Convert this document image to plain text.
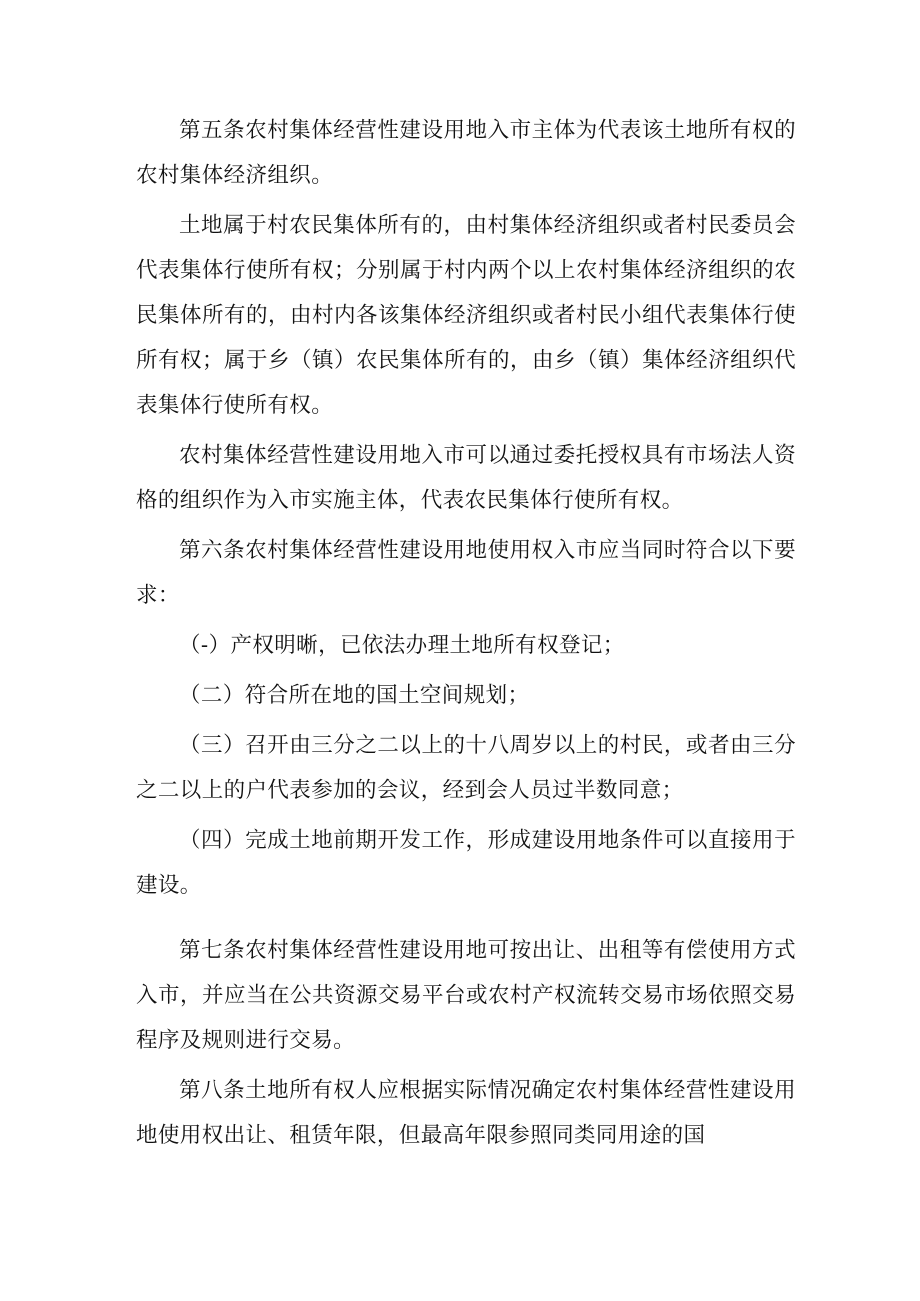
第五条农村集体经营性建设用地入市主体为代表该土地所有权的农村集体经济组织。

土地属于村农民集体所有的，由村集体经济组织或者村民委员会代表集体行使所有权；分别属于村内两个以上农村集体经济组织的农民集体所有的，由村内各该集体经济组织或者村民小组代表集体行使所有权；属于乡（镇）农民集体所有的，由乡（镇）集体经济组织代表集体行使所有权。

农村集体经营性建设用地入市可以通过委托授权具有市场法人资格的组织作为入市实施主体，代表农民集体行使所有权。

第六条农村集体经营性建设用地使用权入市应当同时符合以下要求：

（-）产权明晰，已依法办理土地所有权登记；

（二）符合所在地的国土空间规划；

（三）召开由三分之二以上的十八周岁以上的村民，或者由三分之二以上的户代表参加的会议，经到会人员过半数同意；

（四）完成土地前期开发工作，形成建设用地条件可以直接用于建设。

第七条农村集体经营性建设用地可按出让、出租等有偿使用方式入市，并应当在公共资源交易平台或农村产权流转交易市场依照交易程序及规则进行交易。

第八条土地所有权人应根据实际情况确定农村集体经营性建设用地使用权出让、租赁年限，但最高年限参照同类同用途的国
